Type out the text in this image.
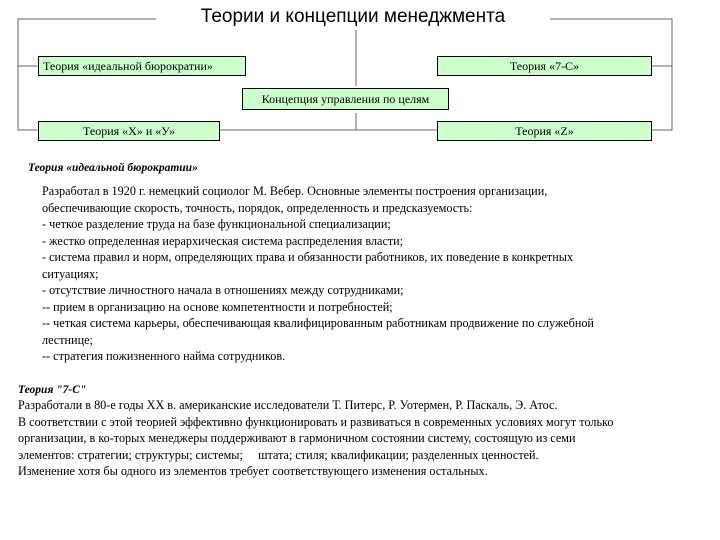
Теории и концепции менеджмента
Теория «идеальной бюрократии»	Теория «7-С»
Концепция управления по целям
Теория «Х» и «У»	Теория «Z»
Теория «идеальной бюрократии»

Разработал в 1920 г. немецкий социолог М. Вебер. Основные элементы построения организации,

обеспечивающие скорость, точность, порядок, определенность и предсказуемость:

- четкое разделение труда на базе функциональной специализации;

- жестко определенная иерархическая система распределения власти;

- система правил и норм, определяющих права и обязанности работников, их поведение в конкретных

ситуациях;

- отсутствие личностного начала в отношениях между сотрудниками;

-- прием в организацию на основе компетентности и потребностей;

-- четкая система карьеры, обеспечивающая квалифицированным работникам продвижение по служебной

лестнице;

-- стратегия пожизненного найма сотрудников.

Теория "7-С"

Разработали в 80-е годы XX в. американские исследователи Т. Питерс, Р. Уотермен, Р. Паскаль, Э. Атос.

В соответствии с этой теорией эффективно функционировать и развиваться в современных условиях могут только

организации, в ко-торых менеджеры поддерживают в гармоничном состоянии систему, состоящую из семи

элементов: стратегии; структуры; системы;     штата; стиля; квалификации; разделенных ценностей.

Изменение хотя бы одного из элементов требует соответствующего изменения остальных.
